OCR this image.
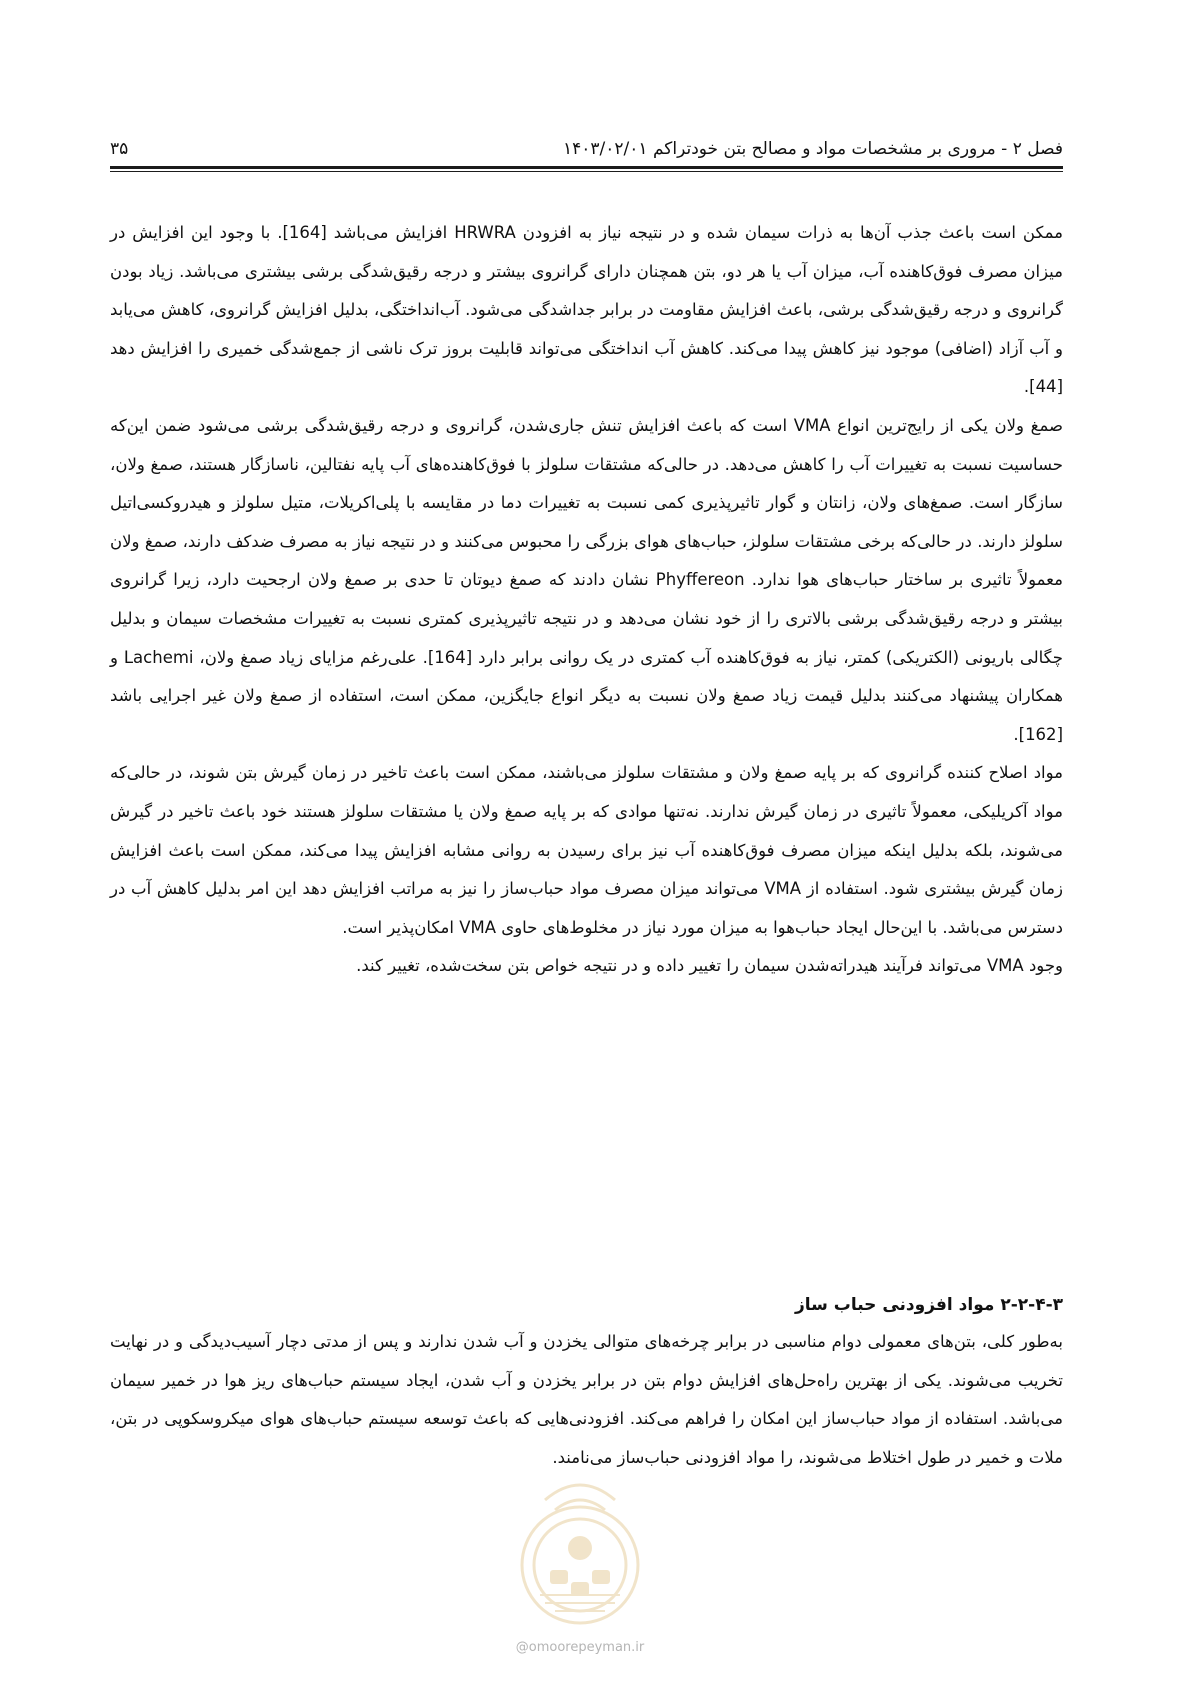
۳۵	فصل ۲ - مروری بر مشخصات مواد و مصالح بتن خودتراکم ۱۴۰۳/۰۲/۰۱

ممکن است باعث جذب آن‌ها به ذرات سیمان شده و در نتیجه نیاز به افزودن HRWRA افزایش می‌باشد [164]. با وجود این افزایش در میزان مصرف فوق‌کاهنده آب، میزان آب یا هر دو، بتن همچنان دارای گرانروی بیشتر و درجه رقیق‌شدگی برشی بیشتری می‌باشد. زیاد بودن گرانروی و درجه رقیق‌شدگی برشی، باعث افزایش مقاومت در برابر جداشدگی می‌شود. آب‌انداختگی، بدلیل افزایش گرانروی، کاهش می‌یابد و آب آزاد (اضافی) موجود نیز کاهش پیدا می‌کند. کاهش آب انداختگی می‌تواند قابلیت بروز ترک ناشی از جمع‌شدگی خمیری را افزایش دهد [44].

صمغ ولان یکی از رایج‌ترین انواع VMA است که باعث افزایش تنش جاری‌شدن، گرانروی و درجه رقیق‌شدگی برشی می‌شود ضمن این‌که حساسیت نسبت به تغییرات آب را کاهش می‌دهد. در حالی‌که مشتقات سلولز با فوق‌کاهنده‌های آب پایه نفتالین، ناسازگار هستند، صمغ ولان، سازگار است. صمغ‌های ولان، زانتان و گوار تاثیرپذیری کمی نسبت به تغییرات دما در مقایسه با پلی‌اکریلات، متیل سلولز و هیدروکسی‌اتیل سلولز دارند. در حالی‌که برخی مشتقات سلولز، حباب‌های هوای بزرگی را محبوس می‌کنند و در نتیجه نیاز به مصرف ضدکف دارند، صمغ ولان معمولاً تاثیری بر ساختار حباب‌های هوا ندارد. Phyffereon نشان دادند که صمغ دیوتان تا حدی بر صمغ ولان ارجحیت دارد، زیرا گرانروی بیشتر و درجه رقیق‌شدگی برشی بالاتری را از خود نشان می‌دهد و در نتیجه تاثیرپذیری کمتری نسبت به تغییرات مشخصات سیمان و بدلیل چگالی باریونی (الکتریکی) کمتر، نیاز به فوق‌کاهنده آب کمتری در یک روانی برابر دارد [164]. علی‌رغم مزایای زیاد صمغ ولان، Lachemi و همکاران پیشنهاد می‌کنند بدلیل قیمت زیاد صمغ ولان نسبت به دیگر انواع جایگزین، ممکن است، استفاده از صمغ ولان غیر اجرایی باشد [162].

مواد اصلاح کننده گرانروی که بر پایه صمغ ولان و مشتقات سلولز می‌باشند، ممکن است باعث تاخیر در زمان گیرش بتن شوند، در حالی‌که مواد آکریلیکی، معمولاً تاثیری در زمان گیرش ندارند. نه‌تنها موادی که بر پایه صمغ ولان یا مشتقات سلولز هستند خود باعث تاخیر در گیرش می‌شوند، بلکه بدلیل اینکه میزان مصرف فوق‌کاهنده آب نیز برای رسیدن به روانی مشابه افزایش پیدا می‌کند، ممکن است باعث افزایش زمان گیرش بیشتری شود. استفاده از VMA می‌تواند میزان مصرف مواد حباب‌ساز را نیز به مراتب افزایش دهد این امر بدلیل کاهش آب در دسترس می‌باشد. با این‌حال ایجاد حباب‌هوا به میزان مورد نیاز در مخلوط‌های حاوی VMA امکان‌پذیر است.

وجود VMA می‌تواند فرآیند هیدراته‌شدن سیمان را تغییر داده و در نتیجه خواص بتن سخت‌شده، تغییر کند.

۲-۲-۴-۳ مواد افزودنی حباب ساز

به‌طور کلی، بتن‌های معمولی دوام مناسبی در برابر چرخه‌های متوالی یخزدن و آب شدن ندارند و پس از مدتی دچار آسیب‌دیدگی و در نهایت تخریب می‌شوند. یکی از بهترین راه‌حل‌های افزایش دوام بتن در برابر یخزدن و آب شدن، ایجاد سیستم حباب‌های ریز هوا در خمیر سیمان می‌باشد. استفاده از مواد حباب‌ساز این امکان را فراهم می‌کند. افزودنی‌هایی که باعث توسعه سیستم حباب‌های هوای میکروسکوپی در بتن، ملات و خمیر در طول اختلاط می‌شوند، را مواد افزودنی حباب‌ساز می‌نامند.

@omoorepeyman.ir
